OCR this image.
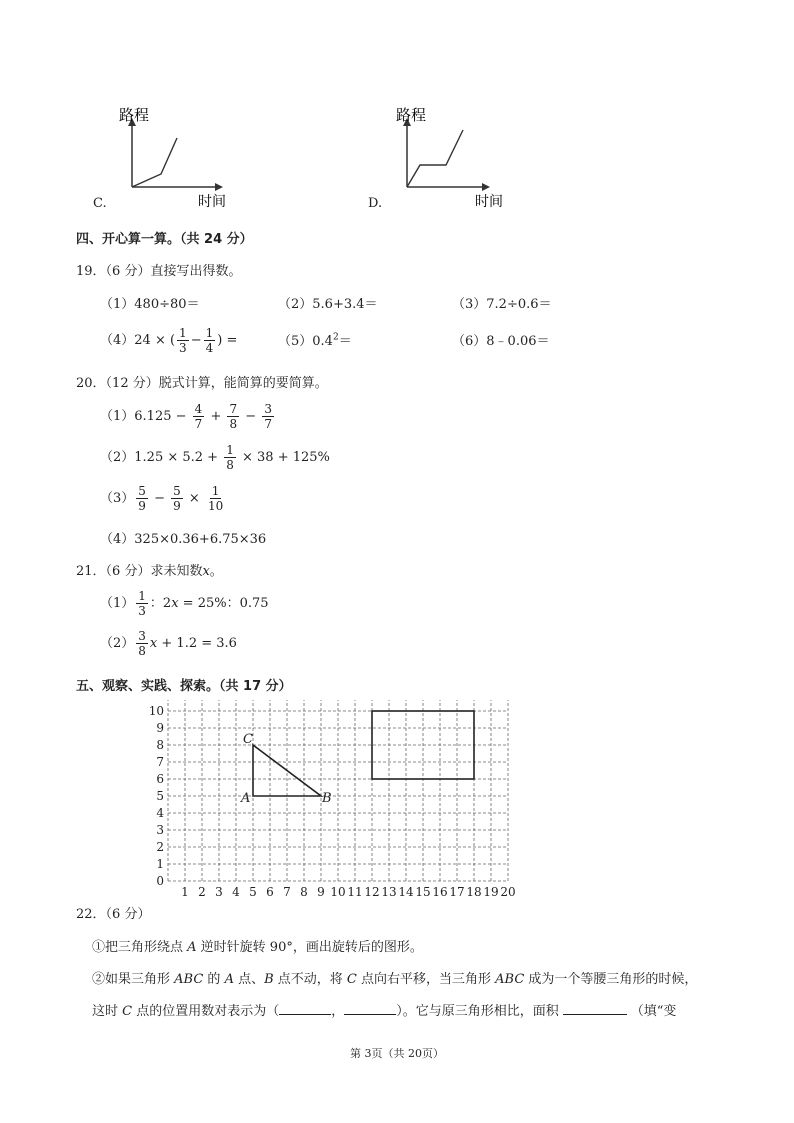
路程
时间
C.
路程
时间
D.
四、开心算一算。（共 24 分）
19．（6 分）直接写出得数。
（1）480÷80＝	（2）5.6+3.4＝	（3）7.2÷0.6＝
（4）24 × ( $\frac{1}{3} - \frac{1}{4}$ ) =	$(5)0.4^2=$	（6）8﹣0.06＝
20．（12 分）脱式计算，能简算的要简算。
$(1)6.125 - \frac{4}{7} + \frac{7}{8} - \frac{3}{7}$
$(2)1.25 \times 5.2 + \frac{1}{8} \times 38 + 125\%$
$(3) \frac{5}{9} - \frac{5}{9} \times \frac{1}{10}$
（4）325×0.36+6.75×36
21．（6 分）求未知数x。
$(1) \frac{1}{3}$ ：2x = 25%：0.75
$(2) \frac{3}{8}$ x + 1.2 = 3.6
五、观察、实践、探索。（共 17 分）
1 2 3 4 5 6 7 8 9 10 11 12 13 14 15 16 17 18 19 20
0
1
2
3
4
5
6
7
8
9
10
A	B
C
22．（6 分）
①把三角形绕点 A 逆时针旋转 90°，画出旋转后的图形。
②如果三角形 ABC 的 A 点、B 点不动，将 C 点向右平移，当三角形 ABC 成为一个等腰三角形的时候，
这时 C 点的位置用数对表示为（	，	）。它与原三角形相比，面积	（填“变
第 3页（共 20页）
